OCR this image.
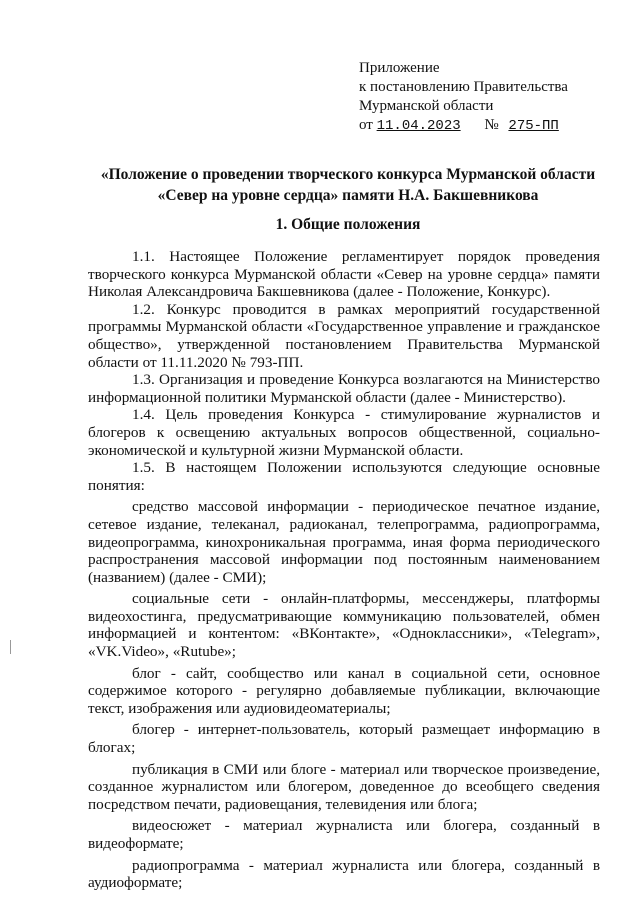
Приложение
к постановлению Правительства
Мурманской области
от 11.04.2023 № 275-ПП
«Положение о проведении творческого конкурса Мурманской области
«Север на уровне сердца» памяти Н.А. Бакшевникова
1. Общие положения

1.1. Настоящее Положение регламентирует порядок проведения творческого конкурса Мурманской области «Север на уровне сердца» памяти Николая Александровича Бакшевникова (далее - Положение, Конкурс).

1.2. Конкурс проводится в рамках мероприятий государственной программы Мурманской области «Государственное управление и гражданское общество», утвержденной постановлением Правительства Мурманской области от 11.11.2020 № 793-ПП.

1.3. Организация и проведение Конкурса возлагаются на Министерство информационной политики Мурманской области (далее - Министерство).

1.4. Цель проведения Конкурса - стимулирование журналистов и блогеров к освещению актуальных вопросов общественной, социально-экономической и культурной жизни Мурманской области.

1.5. В настоящем Положении используются следующие основные понятия:

средство массовой информации - периодическое печатное издание, сетевое издание, телеканал, радиоканал, телепрограмма, радиопрограмма, видеопрограмма, кинохроникальная программа, иная форма периодического распространения массовой информации под постоянным наименованием (названием) (далее - СМИ);

социальные сети - онлайн-платформы, мессенджеры, платформы видеохостинга, предусматривающие коммуникацию пользователей, обмен информацией и контентом: «ВКонтакте», «Одноклассники», «Telegram», «VK.Video», «Rutube»;

блог - сайт, сообщество или канал в социальной сети, основное содержимое которого - регулярно добавляемые публикации, включающие текст, изображения или аудиовидеоматериалы;

блогер - интернет-пользователь, который размещает информацию в блогах;

публикация в СМИ или блоге - материал или творческое произведение, созданное журналистом или блогером, доведенное до всеобщего сведения посредством печати, радиовещания, телевидения или блога;

видеосюжет - материал журналиста или блогера, созданный в видеоформате;

радиопрограмма - материал журналиста или блогера, созданный в аудиоформате;
